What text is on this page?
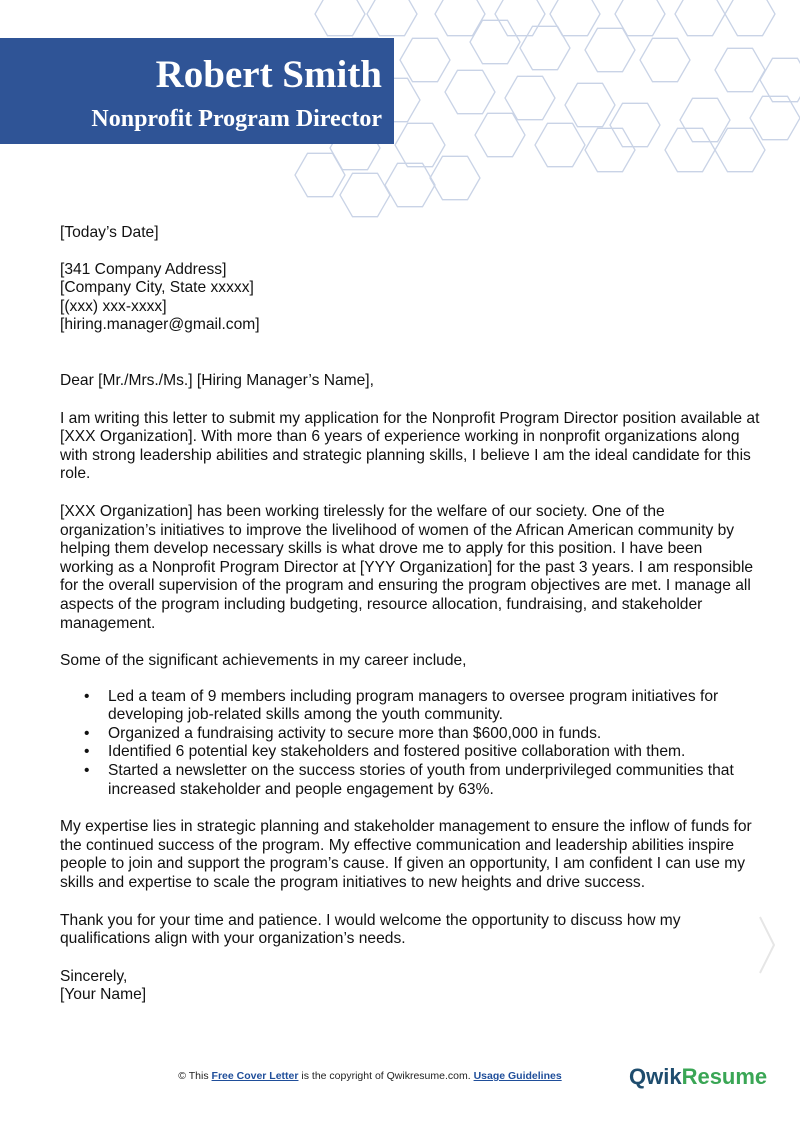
Robert Smith
Nonprofit Program Director

[Today’s Date]

[341 Company Address]
[Company City, State xxxxx]
[(xxx) xxx-xxxx]
[hiring.manager@gmail.com]

Dear [Mr./Mrs./Ms.] [Hiring Manager’s Name],

I am writing this letter to submit my application for the Nonprofit Program Director position available at [XXX Organization]. With more than 6 years of experience working in nonprofit organizations along with strong leadership abilities and strategic planning skills, I believe I am the ideal candidate for this role.

[XXX Organization] has been working tirelessly for the welfare of our society. One of the organization’s initiatives to improve the livelihood of women of the African American community by helping them develop necessary skills is what drove me to apply for this position. I have been working as a Nonprofit Program Director at [YYY Organization] for the past 3 years. I am responsible for the overall supervision of the program and ensuring the program objectives are met. I manage all aspects of the program including budgeting, resource allocation, fundraising, and stakeholder management.

Some of the significant achievements in my career include,

• Led a team of 9 members including program managers to oversee program initiatives for developing job-related skills among the youth community.
• Organized a fundraising activity to secure more than $600,000 in funds.
• Identified 6 potential key stakeholders and fostered positive collaboration with them.
• Started a newsletter on the success stories of youth from underprivileged communities that increased stakeholder and people engagement by 63%.

My expertise lies in strategic planning and stakeholder management to ensure the inflow of funds for the continued success of the program. My effective communication and leadership abilities inspire people to join and support the program’s cause. If given an opportunity, I am confident I can use my skills and expertise to scale the program initiatives to new heights and drive success.

Thank you for your time and patience. I would welcome the opportunity to discuss how my qualifications align with your organization’s needs.

Sincerely,
[Your Name]

© This Free Cover Letter is the copyright of Qwikresume.com. Usage Guidelines	QwikResume
